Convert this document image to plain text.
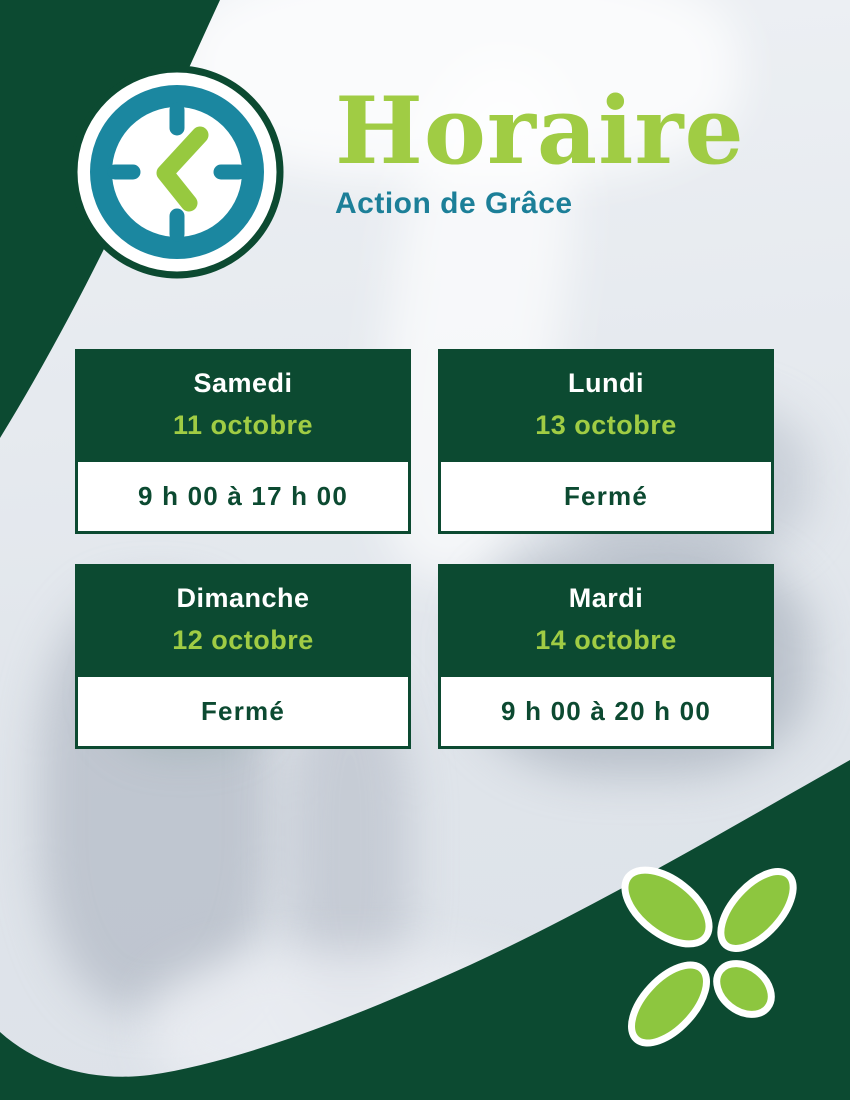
Horaire
Action de Grâce
Samedi
11 octobre
9 h 00 à 17 h 00
Lundi
13 octobre
Fermé
Dimanche
12 octobre
Fermé
Mardi
14 octobre
9 h 00 à 20 h 00
